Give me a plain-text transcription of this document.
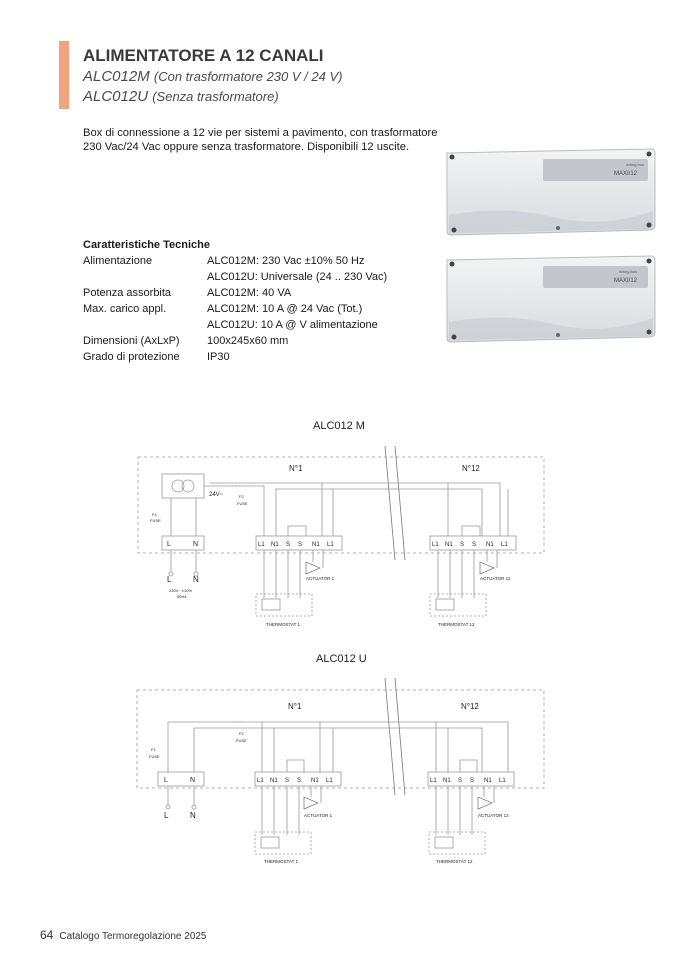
ALIMENTATORE A 12 CANALI

ALC012M (Con trasformatore 230 V / 24 V)

ALC012U (Senza trasformatore)

Box di connessione a 12 vie per sistemi a pavimento, con trasformatore
230 Vac/24 Vac oppure senza trasformatore. Disponibili 12 uscite.

Caratteristiche Tecniche

Alimentazione	ALC012M: 230 Vac ±10% 50 Hz
ALC012U: Universale (24 .. 230 Vac)
Potenza assorbita	ALC012M: 40 VA
Max. carico appl.	ALC012M: 10 A @ 24 Vac (Tot.)
ALC012U: 10 A @ V alimentazione
Dimensioni (AxLxP) 100x245x60 mm
Grado di protezione IP30
wiring box
MAXI/12
wiring box
MAXI/12
ALC012 M
N°1	N°12
24V~	F2
FUSE
F1
FUSE
L	N	L1 N1 S S N1 L1	L1 N1 S S N1 L1
L	N
230V~ ±10%
50Hz
ACTUATOR 1	ACTUATOR 12
THERMOSTAT 1	THERMOSTAT 12
ALC012 U
N°1	N°12
F2
FUSE
F1
FUSE
L	N	L1 N1 S S N1 L1	L1 N1 S S N1 L1
L	N	ACTUATOR 1	ACTUATOR 12
THERMOSTAT 1	THERMOSTAT 12
64 Catalogo Termoregolazione 2025
